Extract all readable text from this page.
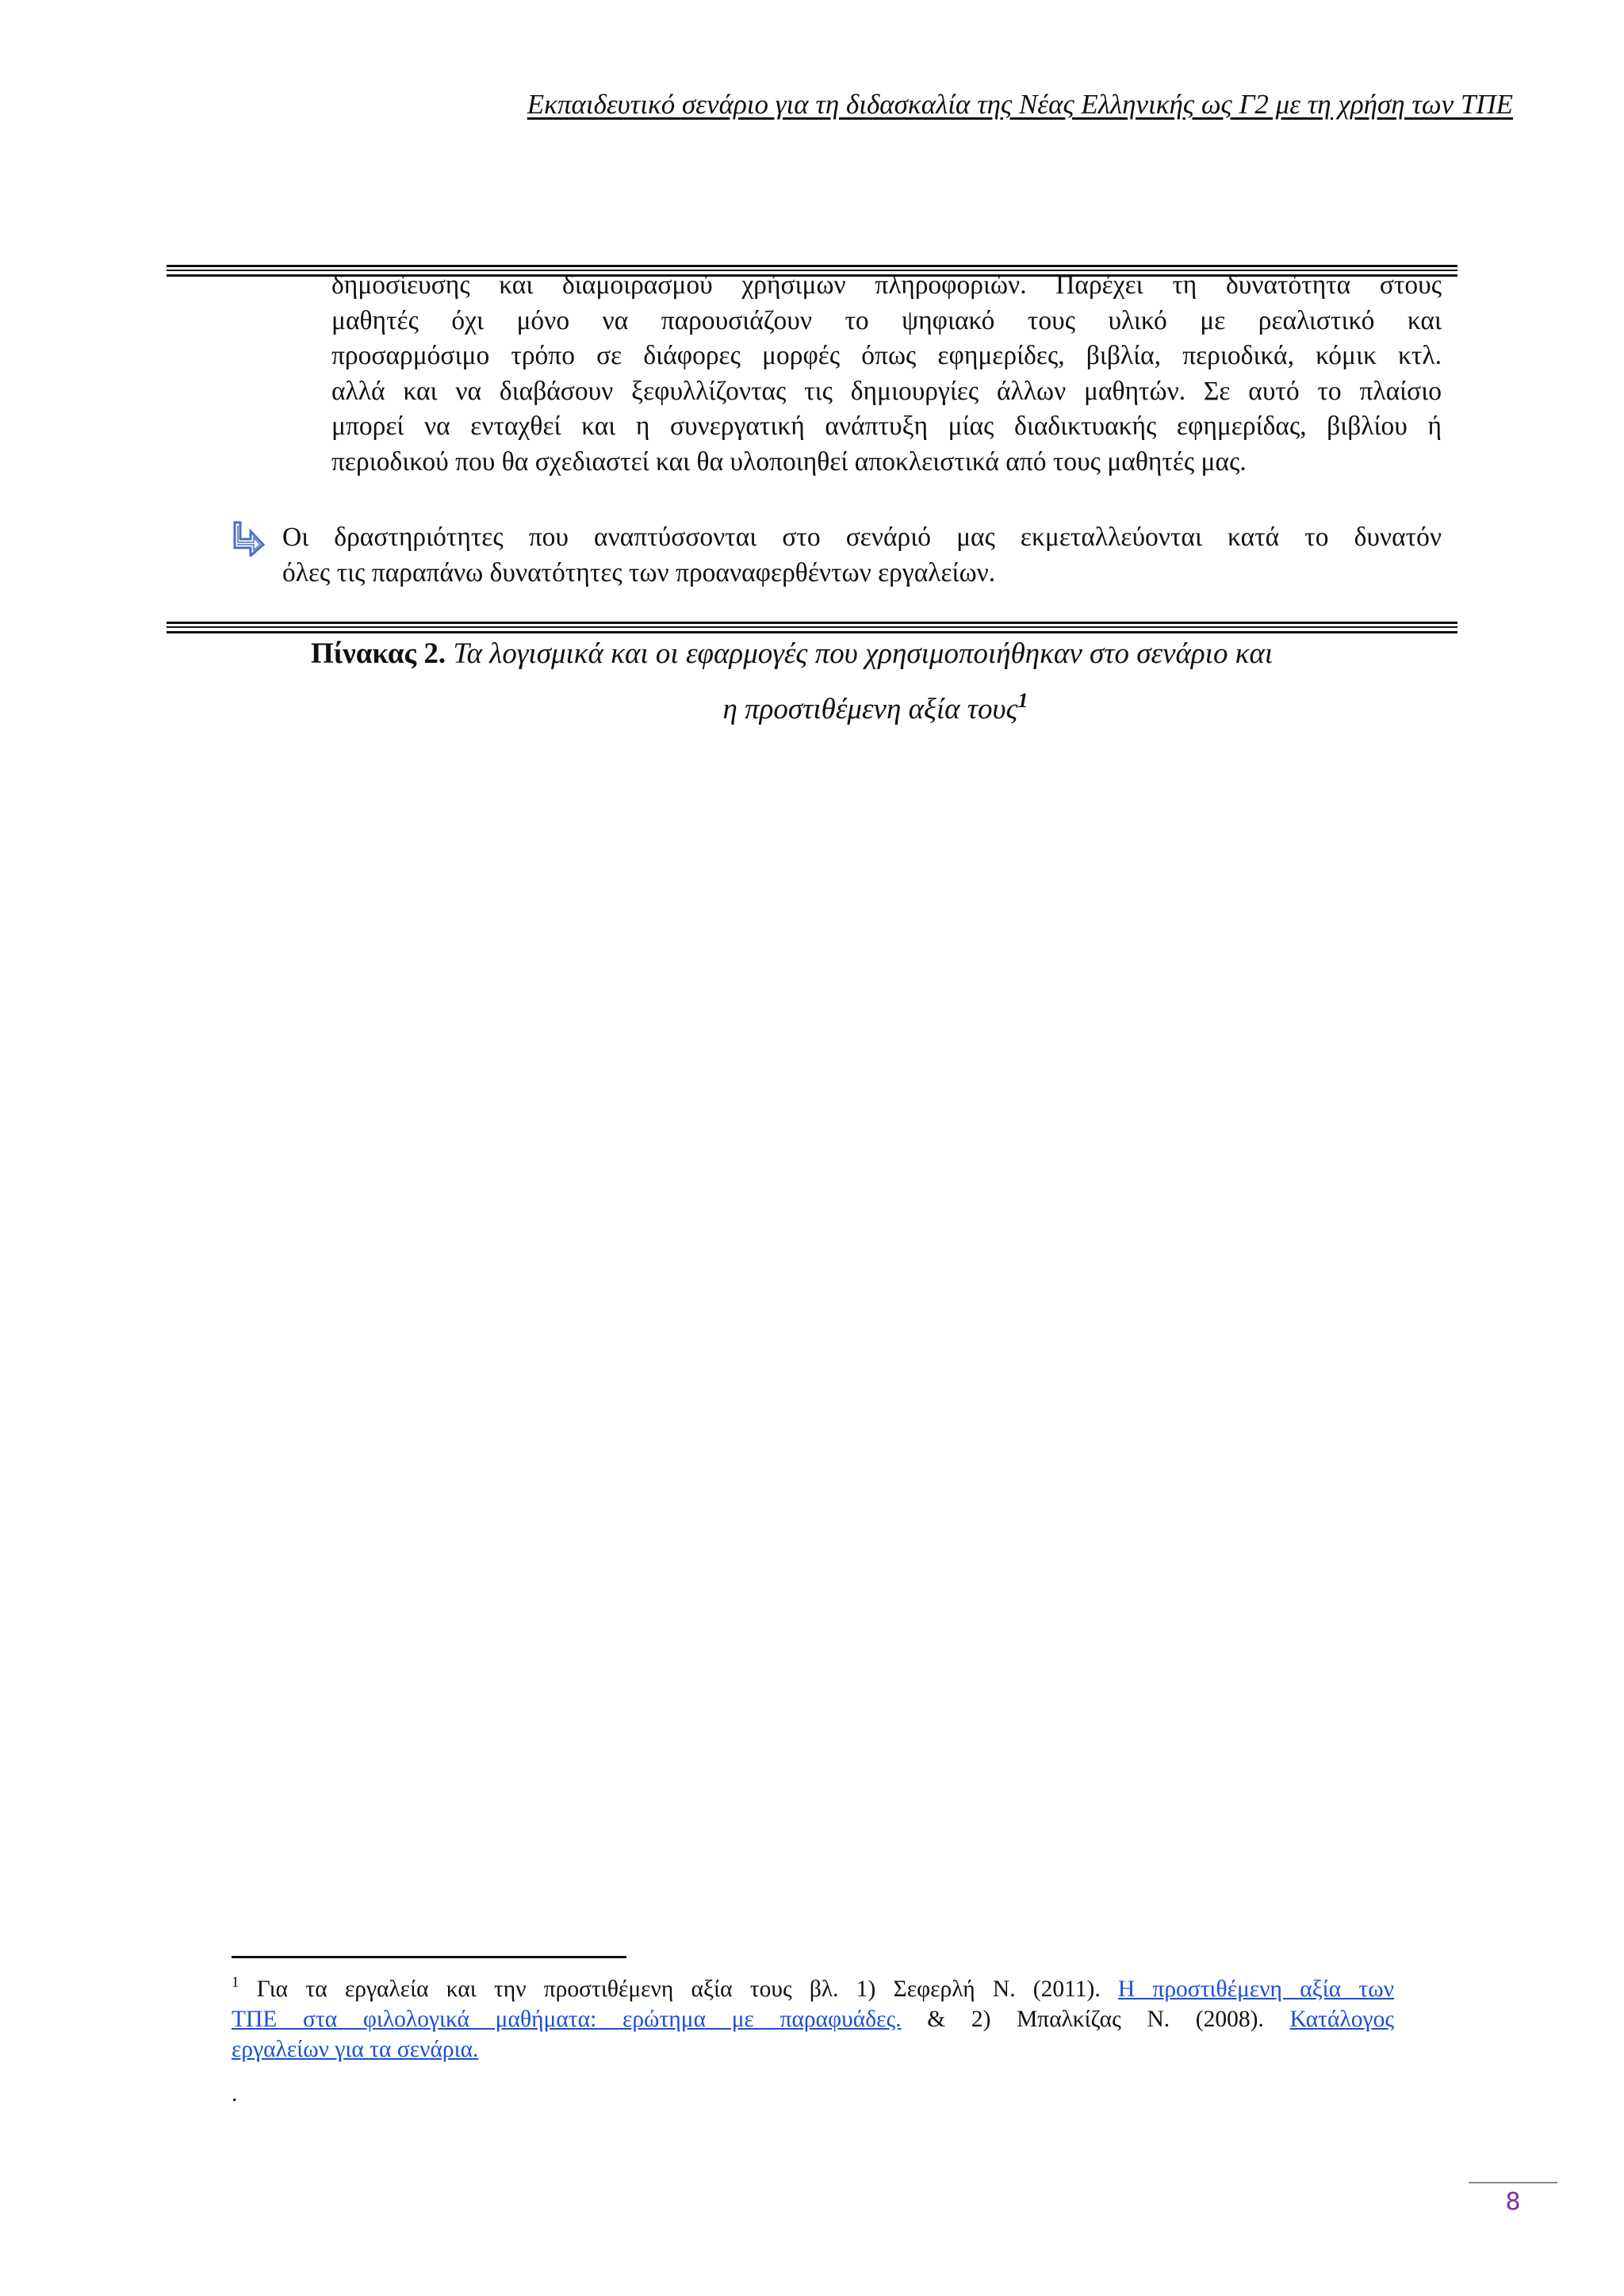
Εκπαιδευτικό σενάριο για τη διδασκαλία της Νέας Ελληνικής ως Γ2 με τη χρήση των ΤΠΕ
δημοσίευσης και διαμοιρασμού χρήσιμων πληροφοριών. Παρέχει τη δυνατότητα στους
μαθητές όχι μόνο να παρουσιάζουν το ψηφιακό τους υλικό με ρεαλιστικό και
προσαρμόσιμο τρόπο σε διάφορες μορφές όπως εφημερίδες, βιβλία, περιοδικά, κόμικ κτλ.
αλλά και να διαβάσουν ξεφυλλίζοντας τις δημιουργίες άλλων μαθητών. Σε αυτό το πλαίσιο
μπορεί να ενταχθεί και η συνεργατική ανάπτυξη μίας διαδικτυακής εφημερίδας, βιβλίου ή
περιοδικού που θα σχεδιαστεί και θα υλοποιηθεί αποκλειστικά από τους μαθητές μας.
Οι δραστηριότητες που αναπτύσσονται στο σενάριό μας εκμεταλλεύονται κατά το δυνατόν
όλες τις παραπάνω δυνατότητες των προαναφερθέντων εργαλείων.
Πίνακας 2. Τα λογισμικά και οι εφαρμογές που χρησιμοποιήθηκαν στο σενάριο και
η προστιθέμενη αξία τους$^1$
$^1$ Για τα εργαλεία και την προστιθέμενη αξία τους βλ. 1) Σεφερλή Ν. (2011). Η προστιθέμενη αξία των
ΤΠΕ στα φιλολογικά μαθήματα: ερώτημα με παραφυάδες. & 2) Μπαλκίζας Ν. (2008). Κατάλογος
εργαλείων για τα σενάρια.
.
8
